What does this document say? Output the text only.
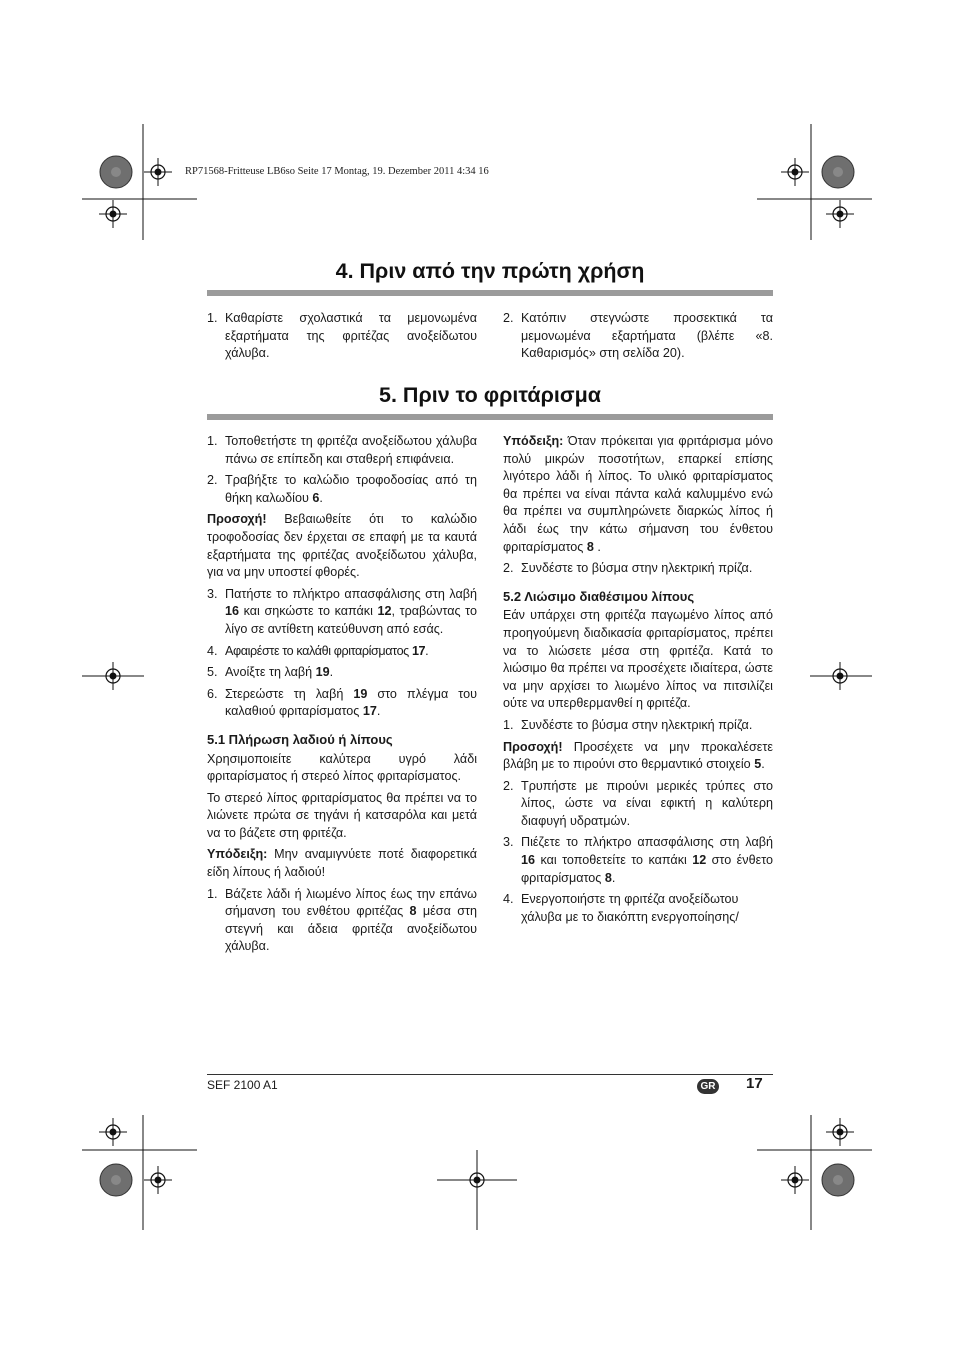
RP71568-Fritteuse LB6so Seite 17 Montag, 19. Dezember 2011 4:34 16
4. Πριν από την πρώτη χρήση
1. Καθαρίστε σχολαστικά τα μεμονωμένα εξαρτήματα της φριτέζας ανοξείδωτου χάλυβα.
2. Κατόπιν στεγνώστε προσεκτικά τα μεμονωμένα εξαρτήματα (βλέπε «8. Καθαρισμός» στη σελίδα 20).
5. Πριν το φριτάρισμα
1. Τοποθετήστε τη φριτέζα ανοξείδωτου χάλυβα πάνω σε επίπεδη και σταθερή επιφάνεια.
2. Τραβήξτε το καλώδιο τροφοδοσίας από τη θήκη καλωδίου 6.

Προσοχή! Βεβαιωθείτε ότι το καλώδιο τροφοδοσίας δεν έρχεται σε επαφή με τα καυτά εξαρτήματα της φριτέζας ανοξείδωτου χάλυβα, για να μην υποστεί φθορές.

3. Πατήστε το πλήκτρο απασφάλισης στη λαβή 16 και σηκώστε το καπάκι 12, τραβώντας το λίγο σε αντίθετη κατεύθυνση από εσάς.
4. Αφαιρέστε το καλάθι φριταρίσματος 17.
5. Ανοίξτε τη λαβή 19.
6. Στερεώστε τη λαβή 19 στο πλέγμα του καλαθιού φριταρίσματος 17.
5.1 Πλήρωση λαδιού ή λίπους

Χρησιμοποιείτε καλύτερα υγρό λάδι φριταρίσματος ή στερεό λίπος φριταρίσματος.

Το στερεό λίπος φριταρίσματος θα πρέπει να το λιώνετε πρώτα σε τηγάνι ή κατσαρόλα και μετά να το βάζετε στη φριτέζα.

Υπόδειξη: Μην αναμιγνύετε ποτέ διαφορετικά είδη λίπους ή λαδιού!

1. Βάζετε λάδι ή λιωμένο λίπος έως την επάνω σήμανση του ενθέτου φριτέζας 8 μέσα στη στεγνή και άδεια φριτέζα ανοξείδωτου χάλυβα.

Υπόδειξη: Όταν πρόκειται για φριτάρισμα μόνο πολύ μικρών ποσοτήτων, επαρκεί επίσης λιγότερο λάδι ή λίπος. Το υλικό φριταρίσματος θα πρέπει να είναι πάντα καλά καλυμμένο ενώ θα πρέπει να συμπληρώνετε διαρκώς λίπος ή λάδι έως την κάτω σήμανση του ένθετου φριταρίσματος 8 .

2. Συνδέστε το βύσμα στην ηλεκτρική πρίζα.
5.2 Λιώσιμο διαθέσιμου λίπους

Εάν υπάρχει στη φριτέζα παγωμένο λίπος από προηγούμενη διαδικασία φριταρίσματος, πρέπει να το λιώσετε μέσα στη φριτέζα. Κατά το λιώσιμο θα πρέπει να προσέχετε ιδιαίτερα, ώστε να μην αρχίσει το λιωμένο λίπος να πιτσιλίζει ούτε να υπερθερμανθεί η φριτέζα.

1. Συνδέστε το βύσμα στην ηλεκτρική πρίζα.

Προσοχή! Προσέχετε να μην προκαλέσετε βλάβη με το πιρούνι στο θερμαντικό στοιχείο 5.

2. Τρυπήστε με πιρούνι μερικές τρύπες στο λίπος, ώστε να είναι εφικτή η καλύτερη διαφυγή υδρατμών.
3. Πιέζετε το πλήκτρο απασφάλισης στη λαβή 16 και τοποθετείτε το καπάκι 12 στο ένθετο φριταρίσματος 8.
4. Ενεργοποιήστε τη φριτέζα ανοξείδωτου χάλυβα με το διακόπτη ενεργοποίησης/
SEF 2100 A1	GR 17
